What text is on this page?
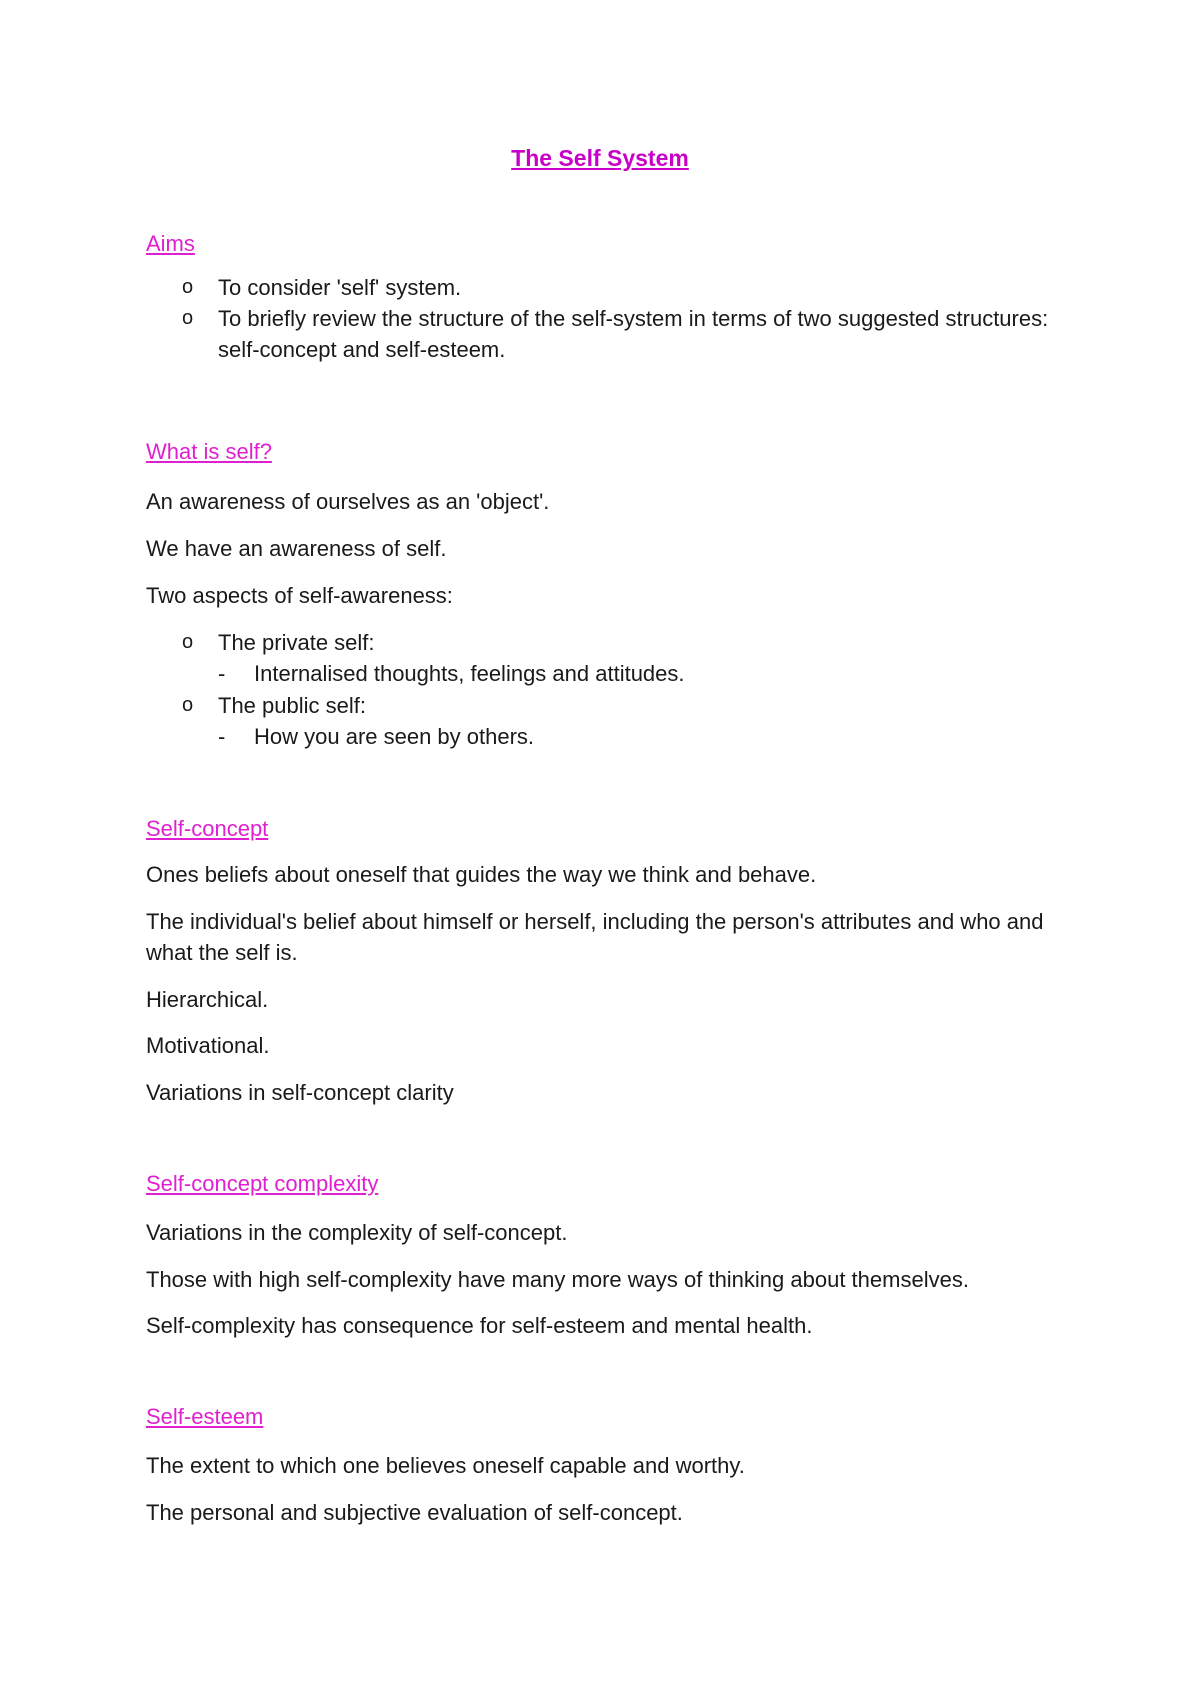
The Self System
Aims
o To consider 'self' system.
o To briefly review the structure of the self-system in terms of two suggested structures: self-concept and self-esteem.
What is self?

An awareness of ourselves as an 'object'.

We have an awareness of self.

Two aspects of self-awareness:

o The private self:
- Internalised thoughts, feelings and attitudes.
o The public self:
- How you are seen by others.
Self-concept

Ones beliefs about oneself that guides the way we think and behave.

The individual's belief about himself or herself, including the person's attributes and who and what the self is.

Hierarchical.

Motivational.

Variations in self-concept clarity

Self-concept complexity

Variations in the complexity of self-concept.

Those with high self-complexity have many more ways of thinking about themselves.

Self-complexity has consequence for self-esteem and mental health.

Self-esteem

The extent to which one believes oneself capable and worthy.

The personal and subjective evaluation of self-concept.
